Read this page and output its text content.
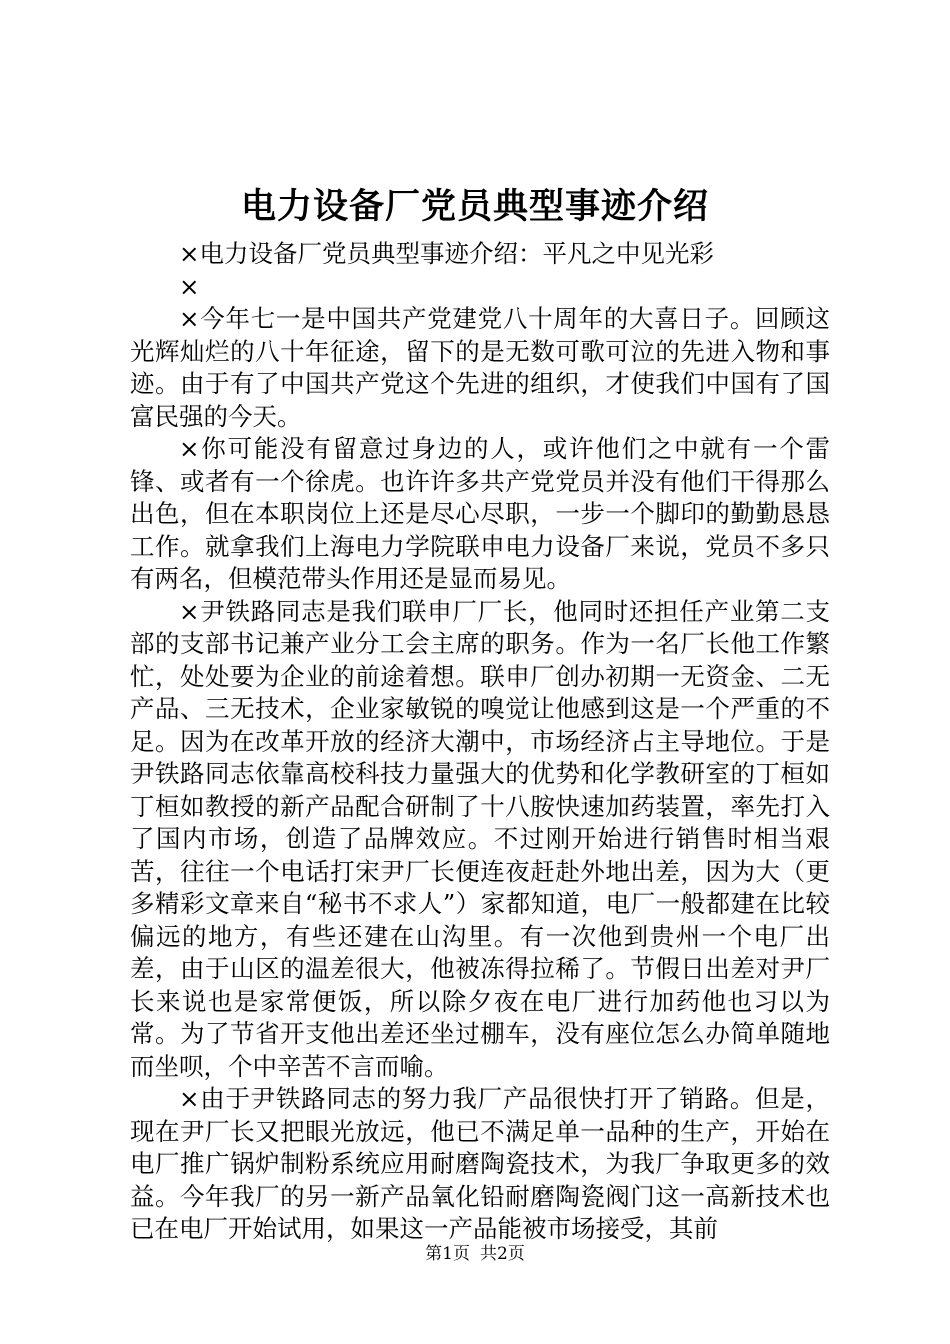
电力设备厂党员典型事迹介绍

×电力设备厂党员典型事迹介绍：平凡之中见光彩

×

×今年七一是中国共产党建党八十周年的大喜日子。回顾这光辉灿烂的八十年征途，留下的是无数可歌可泣的先进入物和事迹。由于有了中国共产党这个先进的组织，才使我们中国有了国富民强的今天。

×你可能没有留意过身边的人，或许他们之中就有一个雷锋、或者有一个徐虎。也许许多共产党党员并没有他们干得那么出色，但在本职岗位上还是尽心尽职，一步一个脚印的勤勤恳恳工作。就拿我们上海电力学院联申电力设备厂来说，党员不多只有两名，但模范带头作用还是显而易见。

×尹铁路同志是我们联申厂厂长，他同时还担任产业第二支部的支部书记兼产业分工会主席的职务。作为一名厂长他工作繁忙，处处要为企业的前途着想。联申厂创办初期一无资金、二无产品、三无技术，企业家敏锐的嗅觉让他感到这是一个严重的不足。因为在改革开放的经济大潮中，市场经济占主导地位。于是尹铁路同志依靠高校科技力量强大的优势和化学教研室的丁桓如丁桓如教授的新产品配合研制了十八胺快速加药装置，率先打入了国内市场，创造了品牌效应。不过刚开始进行销售时相当艰苦，往往一个电话打宋尹厂长便连夜赶赴外地出差，因为大（更多精彩文章来自“秘书不求人”）家都知道，电厂一般都建在比较偏远的地方，有些还建在山沟里。有一次他到贵州一个电厂出差，由于山区的温差很大，他被冻得拉稀了。节假日出差对尹厂长来说也是家常便饭，所以除夕夜在电厂进行加药他也习以为常。为了节省开支他出差还坐过棚车，没有座位怎么办简单随地而坐呗，个中辛苦不言而喻。

×由于尹铁路同志的努力我厂产品很快打开了销路。但是，现在尹厂长又把眼光放远，他已不满足单一品种的生产，开始在电厂推广锅炉制粉系统应用耐磨陶瓷技术，为我厂争取更多的效益。今年我厂的另一新产品氧化铅耐磨陶瓷阀门这一高新技术也已在电厂开始试用，如果这一产品能被市场接受，其前

第1页 共2页
